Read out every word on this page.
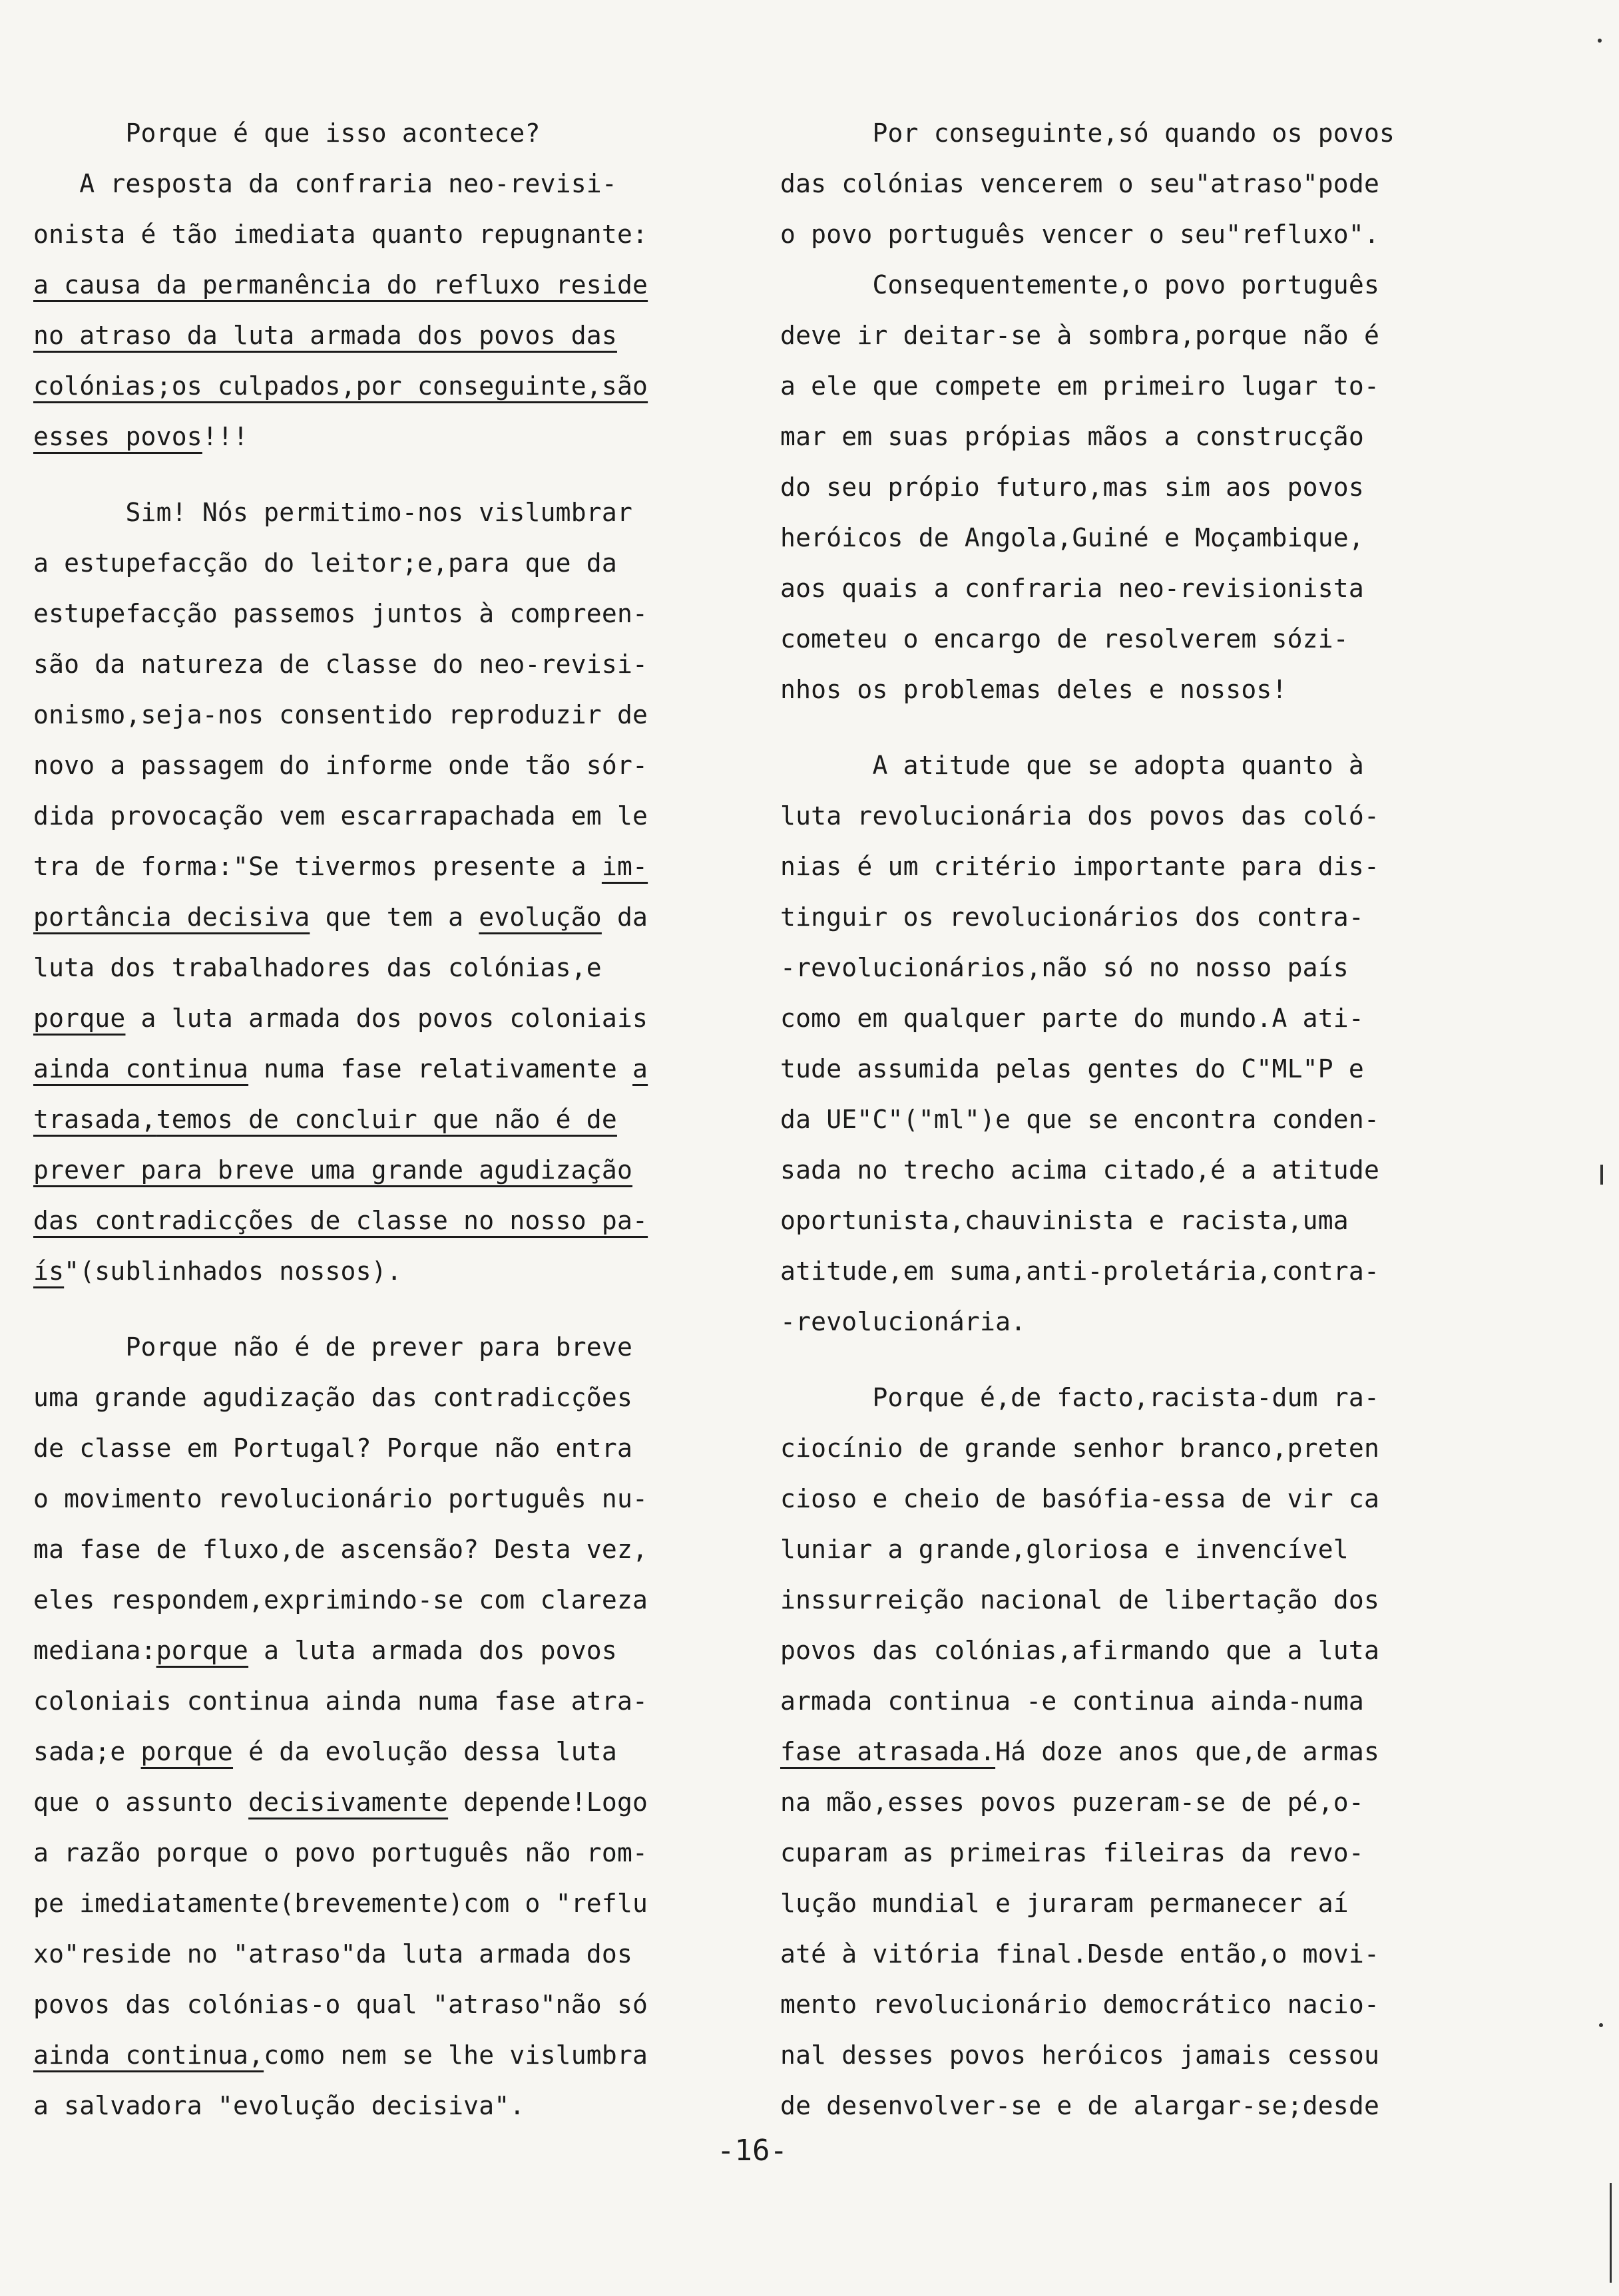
Porque é que isso acontece?
A resposta da confraria neo-revisi-
onista é tão imediata quanto repugnante:
a causa da permanência do refluxo reside
no atraso da luta armada dos povos das
colónias;os culpados,por conseguinte,são
esses povos!!!
Sim! Nós permitimo-nos vislumbrar
a estupefacção do leitor;e,para que da
estupefacção passemos juntos à compreen-
são da natureza de classe do neo-revisi-
onismo,seja-nos consentido reproduzir de
novo a passagem do informe onde tão sór-
dida provocação vem escarrapachada em le
tra de forma:"Se tivermos presente a im-
portância decisiva que tem a evolução da
luta dos trabalhadores das colónias,e
porque a luta armada dos povos coloniais
ainda continua numa fase relativamente a
trasada,temos de concluir que não é de
prever para breve uma grande agudização
das contradicções de classe no nosso pa-
ís"(sublinhados nossos).
Porque não é de prever para breve
uma grande agudização das contradicções
de classe em Portugal? Porque não entra
o movimento revolucionário português nu-
ma fase de fluxo,de ascensão? Desta vez,
eles respondem,exprimindo-se com clareza
mediana:porque a luta armada dos povos
coloniais continua ainda numa fase atra-
sada;e porque é da evolução dessa luta
que o assunto decisivamente depende!Logo
a razão porque o povo português não rom-
pe imediatamente(brevemente)com o "reflu
xo"reside no "atraso"da luta armada dos
povos das colónias-o qual "atraso"não só
ainda continua,como nem se lhe vislumbra
a salvadora "evolução decisiva".
Por conseguinte,só quando os povos
das colónias vencerem o seu"atraso"pode
o povo português vencer o seu"refluxo".
Consequentemente,o povo português
deve ir deitar-se à sombra,porque não é
a ele que compete em primeiro lugar to-
mar em suas própias mãos a construcção
do seu própio futuro,mas sim aos povos
heróicos de Angola,Guiné e Moçambique,
aos quais a confraria neo-revisionista
cometeu o encargo de resolverem sózi-
nhos os problemas deles e nossos!
A atitude que se adopta quanto à
luta revolucionária dos povos das coló-
nias é um critério importante para dis-
tinguir os revolucionários dos contra-
-revolucionários,não só no nosso país
como em qualquer parte do mundo.A ati-
tude assumida pelas gentes do C"ML"P e
da UE"C"("ml")e que se encontra conden-
sada no trecho acima citado,é a atitude
oportunista,chauvinista e racista,uma
atitude,em suma,anti-proletária,contra-
-revolucionária.
Porque é,de facto,racista-dum ra-
ciocínio de grande senhor branco,preten
cioso e cheio de basófia-essa de vir ca
luniar a grande,gloriosa e invencível
inssurreição nacional de libertação dos
povos das colónias,afirmando que a luta
armada continua -e continua ainda-numa
fase atrasada.Há doze anos que,de armas
na mão,esses povos puzeram-se de pé,o-
cuparam as primeiras fileiras da revo-
lução mundial e juraram permanecer aí
até à vitória final.Desde então,o movi-
mento revolucionário democrático nacio-
nal desses povos heróicos jamais cessou
de desenvolver-se e de alargar-se;desde
-16-
